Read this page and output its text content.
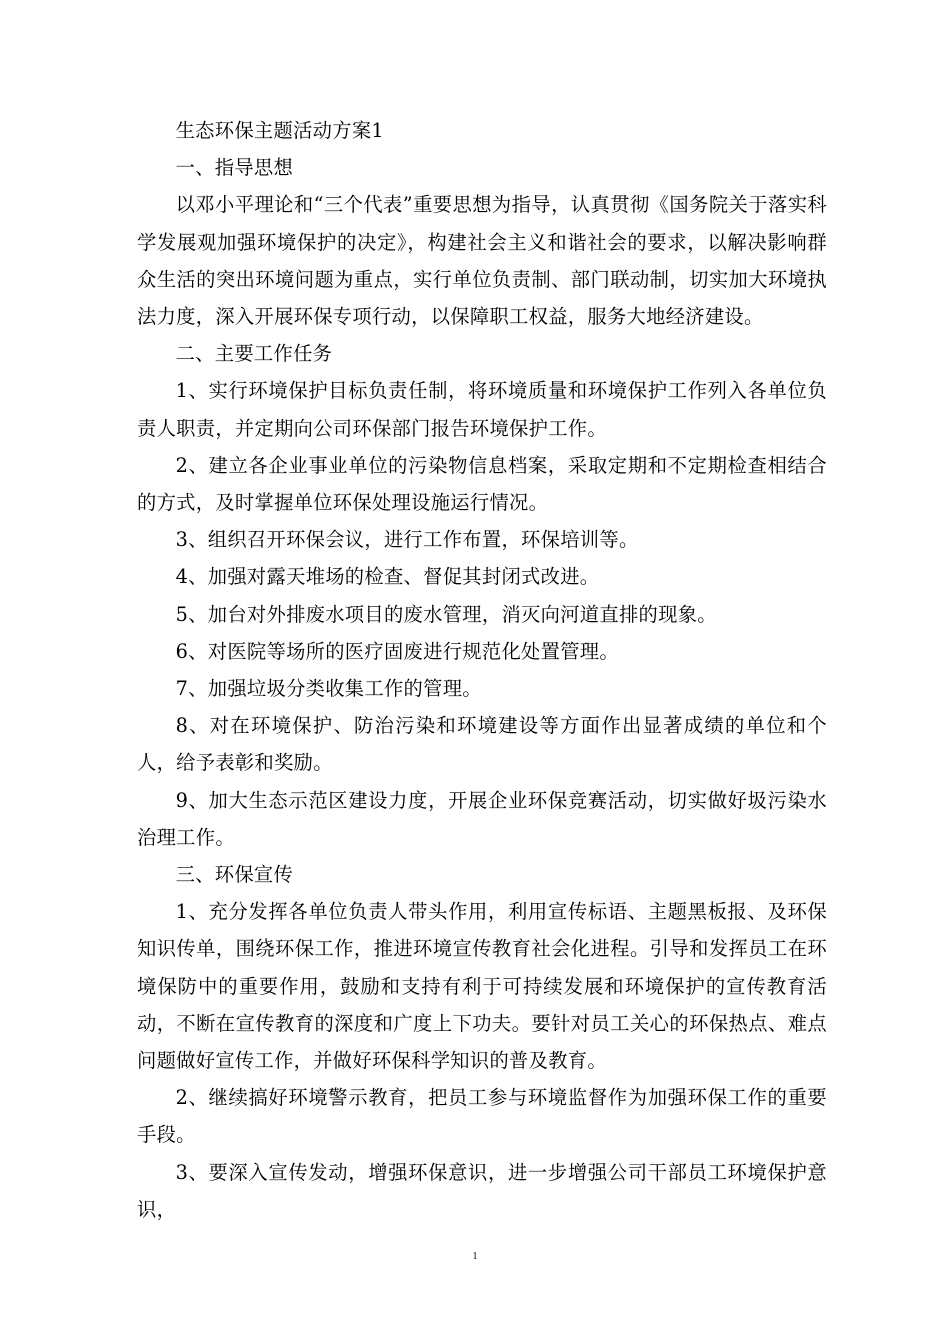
生态环保主题活动方案1

一、指导思想

以邓小平理论和“三个代表”重要思想为指导，认真贯彻《国务院关于落实科学发展观加强环境保护的决定》，构建社会主义和谐社会的要求，以解决影响群众生活的突出环境问题为重点，实行单位负责制、部门联动制，切实加大环境执法力度，深入开展环保专项行动，以保障职工权益，服务大地经济建设。

二、主要工作任务

1、实行环境保护目标负责任制，将环境质量和环境保护工作列入各单位负责人职责，并定期向公司环保部门报告环境保护工作。

2、建立各企业事业单位的污染物信息档案，采取定期和不定期检查相结合的方式，及时掌握单位环保处理设施运行情况。

3、组织召开环保会议，进行工作布置，环保培训等。

4、加强对露天堆场的检查、督促其封闭式改进。

5、加台对外排废水项目的废水管理，消灭向河道直排的现象。

6、对医院等场所的医疗固废进行规范化处置管理。

7、加强垃圾分类收集工作的管理。

8、对在环境保护、防治污染和环境建设等方面作出显著成绩的单位和个人，给予表彰和奖励。

9、加大生态示范区建设力度，开展企业环保竞赛活动，切实做好圾污染水治理工作。

三、环保宣传

1、充分发挥各单位负责人带头作用，利用宣传标语、主题黑板报、及环保知识传单，围绕环保工作，推进环境宣传教育社会化进程。引导和发挥员工在环境保防中的重要作用，鼓励和支持有利于可持续发展和环境保护的宣传教育活动，不断在宣传教育的深度和广度上下功夫。要针对员工关心的环保热点、难点问题做好宣传工作，并做好环保科学知识的普及教育。

2、继续搞好环境警示教育，把员工参与环境监督作为加强环保工作的重要手段。

3、要深入宣传发动，增强环保意识，进一步增强公司干部员工环境保护意识，

1
